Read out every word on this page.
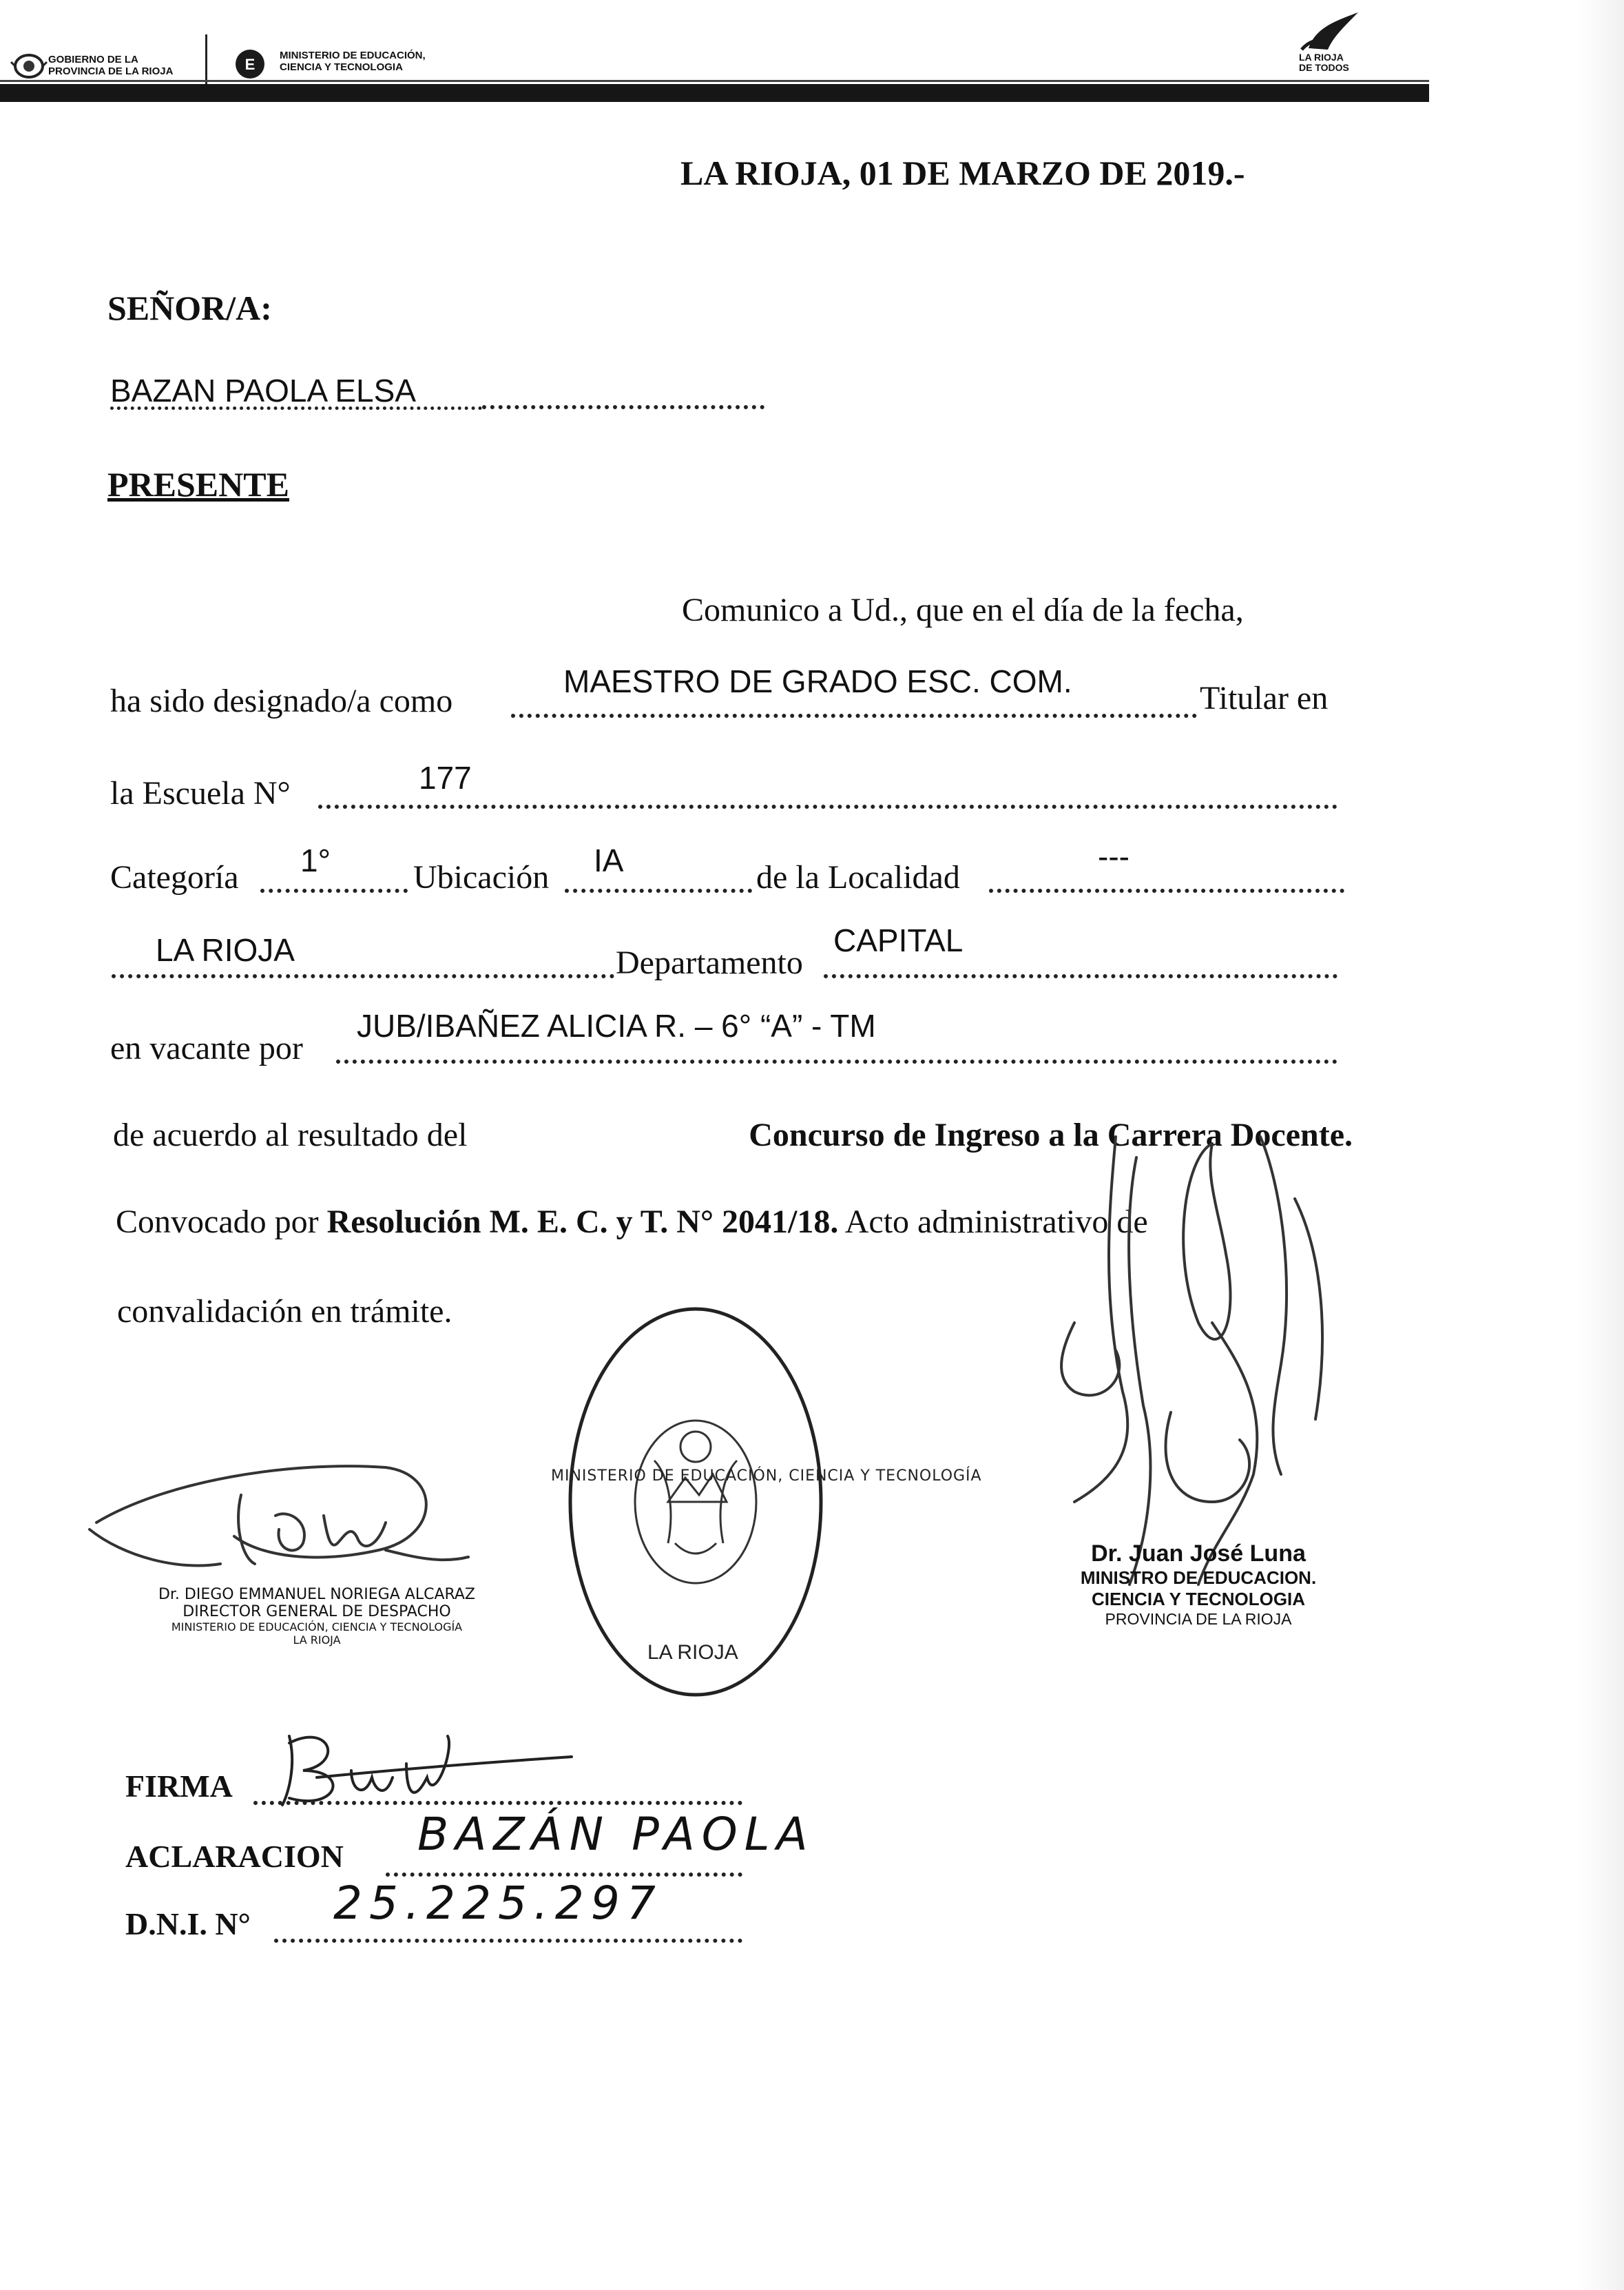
GOBIERNO DE LA
PROVINCIA DE LA RIOJA	E
MINISTERIO DE EDUCACIÓN,
CIENCIA Y TECNOLOGIA
LA RIOJA
DE TODOS
LA RIOJA, 01 DE MARZO DE 2019.-
SEÑOR/A:
BAZAN PAOLA ELSA
PRESENTE
Comunico a Ud., que en el día de la fecha,
ha sido designado/a como
MAESTRO DE GRADO ESC. COM.	Titular en
la Escuela N°	177
Categoría 1°	Ubicación IA	de la Localidad
---
LA RIOJA	Departamento
CAPITAL
en vacante por
JUB/IBAÑEZ ALICIA R. – 6° “A” - TM
de acuerdo al resultado del	Concurso de Ingreso a la Carrera Docente.
Convocado por Resolución M. E. C. y T. N° 2041/18. Acto administrativo de
convalidación en trámite.
Dr. Juan José Luna
MINISTRO DE EDUCACION.
CIENCIA Y TECNOLOGIA
PROVINCIA DE LA RIOJA
MINISTERIO DE EDUCACIÓN, CIENCIA Y TECNOLOGÍA
LA RIOJA
Dr. DIEGO EMMANUEL NORIEGA ALCARAZ
DIRECTOR GENERAL DE DESPACHO
MINISTERIO DE EDUCACIÓN, CIENCIA Y TECNOLOGÍA
LA RIOJA
FIRMA
ACLARACION BAZÁN PAOLA
D.N.I. N° 25.225.297
